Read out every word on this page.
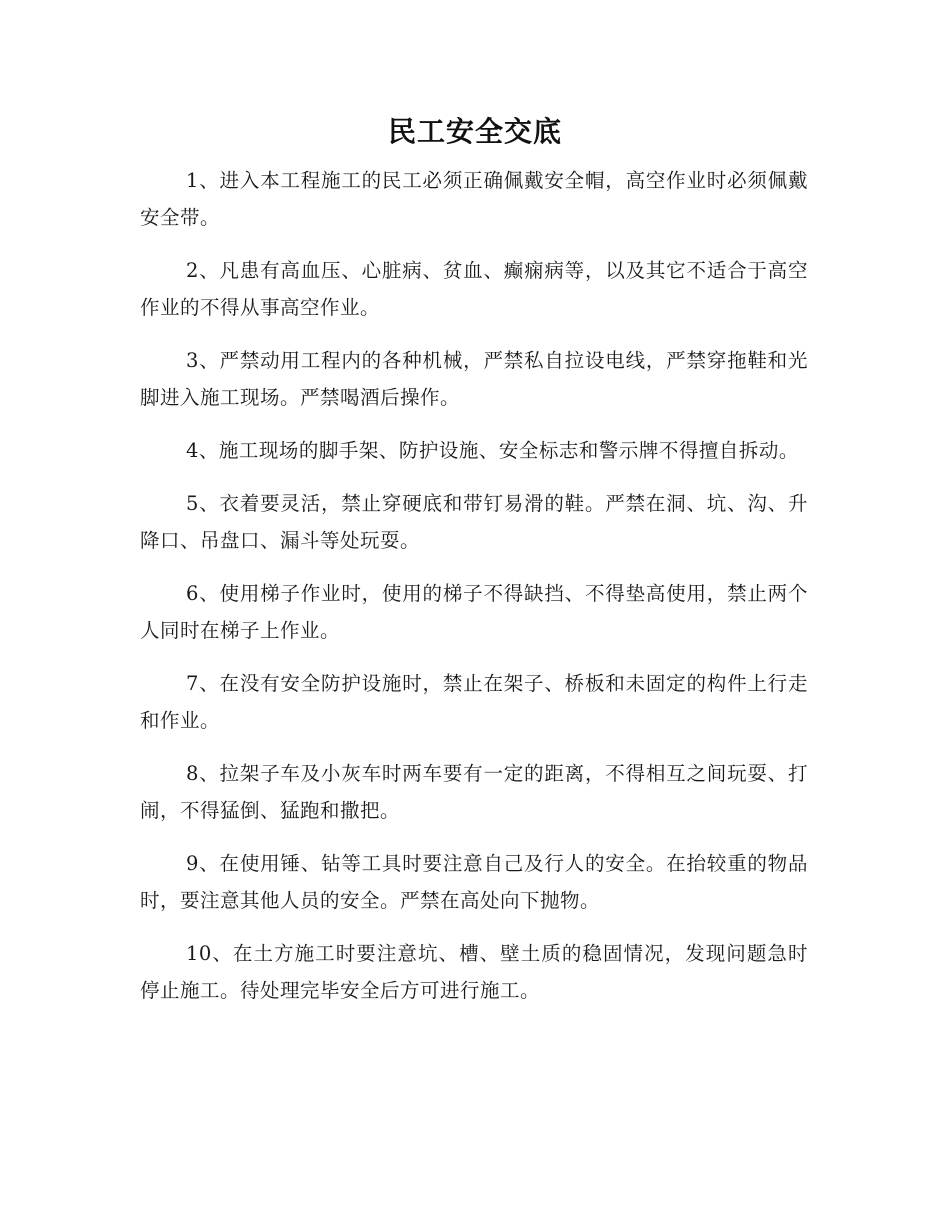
民工安全交底

1、进入本工程施工的民工必须正确佩戴安全帽，高空作业时必须佩戴安全带。

2、凡患有高血压、心脏病、贫血、癫痫病等，以及其它不适合于高空作业的不得从事高空作业。

3、严禁动用工程内的各种机械，严禁私自拉设电线，严禁穿拖鞋和光脚进入施工现场。严禁喝酒后操作。

4、施工现场的脚手架、防护设施、安全标志和警示牌不得擅自拆动。

5、衣着要灵活，禁止穿硬底和带钉易滑的鞋。严禁在洞、坑、沟、升降口、吊盘口、漏斗等处玩耍。

6、使用梯子作业时，使用的梯子不得缺挡、不得垫高使用，禁止两个人同时在梯子上作业。

7、在没有安全防护设施时，禁止在架子、桥板和未固定的构件上行走和作业。

8、拉架子车及小灰车时两车要有一定的距离，不得相互之间玩耍、打闹，不得猛倒、猛跑和撒把。

9、在使用锤、钻等工具时要注意自己及行人的安全。在抬较重的物品时，要注意其他人员的安全。严禁在高处向下抛物。

10、在土方施工时要注意坑、槽、壁土质的稳固情况，发现问题急时停止施工。待处理完毕安全后方可进行施工。
